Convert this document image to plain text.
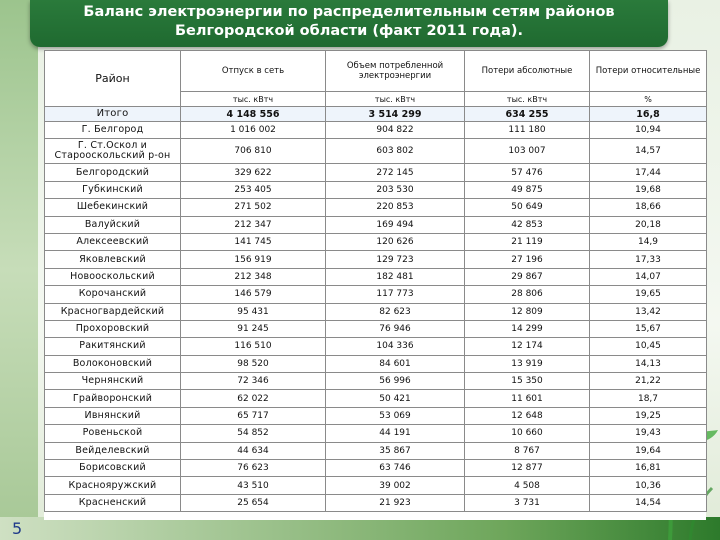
Баланс электроэнергии по распределительным сетям районов
Белгородской области (факт 2011 года).
Район	Отпуск в сеть	Объем потребленной электроэнергии	Потери абсолютные	Потери относительные
	тыс. кВтч	тыс. кВтч	тыс. кВтч	%
Итого	4 148 556	3 514 299	634 255	16,8
Г. Белгород	1 016 002	904 822	111 180	10,94
Г. Ст.Оскол и Старооскольский р-он	706 810	603 802	103 007	14,57
Белгородский	329 622	272 145	57 476	17,44
Губкинский	253 405	203 530	49 875	19,68
Шебекинский	271 502	220 853	50 649	18,66
Валуйский	212 347	169 494	42 853	20,18
Алексеевский	141 745	120 626	21 119	14,9
Яковлевский	156 919	129 723	27 196	17,33
Новооскольский	212 348	182 481	29 867	14,07
Корочанский	146 579	117 773	28 806	19,65
Красногвардейский	95 431	82 623	12 809	13,42
Прохоровский	91 245	76 946	14 299	15,67
Ракитянский	116 510	104 336	12 174	10,45
Волоконовский	98 520	84 601	13 919	14,13
Чернянский	72 346	56 996	15 350	21,22
Грайворонский	62 022	50 421	11 601	18,7
Ивнянский	65 717	53 069	12 648	19,25
Ровеньской	54 852	44 191	10 660	19,43
Вейделевский	44 634	35 867	8 767	19,64
Борисовский	76 623	63 746	12 877	16,81
Краснояружский	43 510	39 002	4 508	10,36
Красненский	25 654	21 923	3 731	14,54
5
